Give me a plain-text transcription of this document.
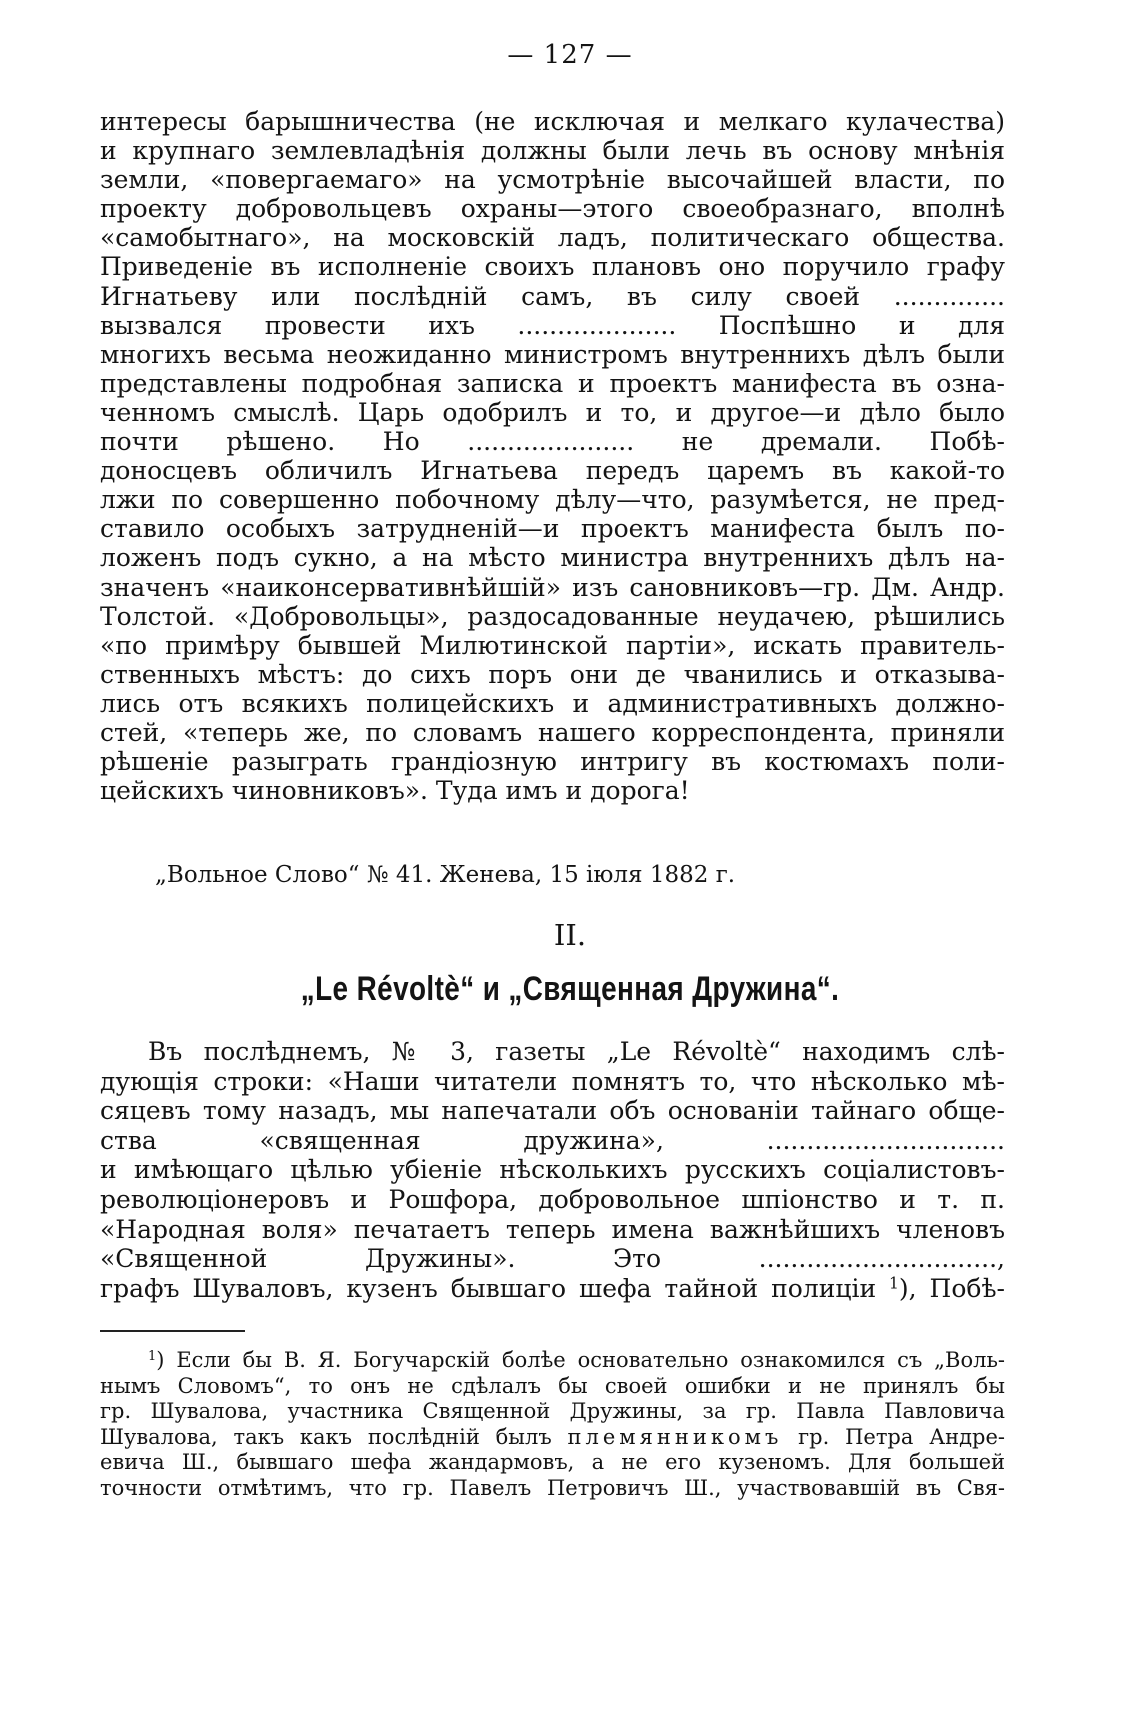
— 127 —
интересы барышничества (не исключая и мелкаго кулачества)
и крупнаго землевладѣнія должны были лечь въ основу мнѣнія
земли, «повергаемаго» на усмотрѣніе высочайшей власти, по
проекту добровольцевъ охраны—этого своеобразнаго, вполнѣ
«самобытнаго», на московскій ладъ, политическаго общества.
Приведеніе въ исполненіе своихъ плановъ оно поручило графу
Игнатьеву или послѣдній самъ, въ силу своей ..............
вызвался провести ихъ .................... Поспѣшно и для
многихъ весьма неожиданно министромъ внутреннихъ дѣлъ были
представлены подробная записка и проектъ манифеста въ озна-
ченномъ смыслѣ. Царь одобрилъ и то, и другое—и дѣло было
почти рѣшено. Но ..................... не дремали. Побѣ-
доносцевъ обличилъ Игнатьева передъ царемъ въ какой-то
лжи по совершенно побочному дѣлу—что, разумѣется, не пред-
ставило особыхъ затрудненій—и проектъ манифеста былъ по-
ложенъ подъ сукно, а на мѣсто министра внутреннихъ дѣлъ на-
значенъ «наиконсервативнѣйшій» изъ сановниковъ—гр. Дм. Андр.
Толстой. «Добровольцы», раздосадованные неудачею, рѣшились
«по примѣру бывшей Милютинской партіи», искать правитель-
ственныхъ мѣстъ: до сихъ поръ они де чванились и отказыва-
лись отъ всякихъ полицейскихъ и административныхъ должно-
стей, «теперь же, по словамъ нашего корреспондента, приняли
рѣшеніе разыграть грандіозную интригу въ костюмахъ поли-
цейскихъ чиновниковъ». Туда имъ и дорога!
„Вольное Слово“ № 41. Женева, 15 іюля 1882 г.
II.
„Le Révoltè“ и „Священная Дружина“.
Въ послѣднемъ, № 3, газеты „Le Révoltè“ находимъ слѣ-
дующія строки: «Наши читатели помнятъ то, что нѣсколько мѣ-
сяцевъ тому назадъ, мы напечатали объ основаніи тайнаго обще-
ства «священная дружина», ..............................
и имѣющаго цѣлью убіеніе нѣсколькихъ русскихъ соціалистовъ-
революціонеровъ и Рошфора, добровольное шпіонство и т. п.
«Народная воля» печатаетъ теперь имена важнѣйшихъ членовъ
«Священной Дружины». Это ..............................,
графъ Шуваловъ, кузенъ бывшаго шефа тайной полиціи $^1$), Побѣ-
$^1$) Если бы В. Я. Богучарскій болѣе основательно ознакомился съ „Воль-
нымъ Словомъ“, то онъ не сдѣлалъ бы своей ошибки и не принялъ бы
гр. Шувалова, участника Священной Дружины, за гр. Павла Павловича
Шувалова, такъ какъ послѣдній былъ племянникомъ гр. Петра Андре-
евича Ш., бывшаго шефа жандармовъ, а не его кузеномъ. Для большей
точности отмѣтимъ, что гр. Павелъ Петровичъ Ш., участвовавшій въ Свя-
